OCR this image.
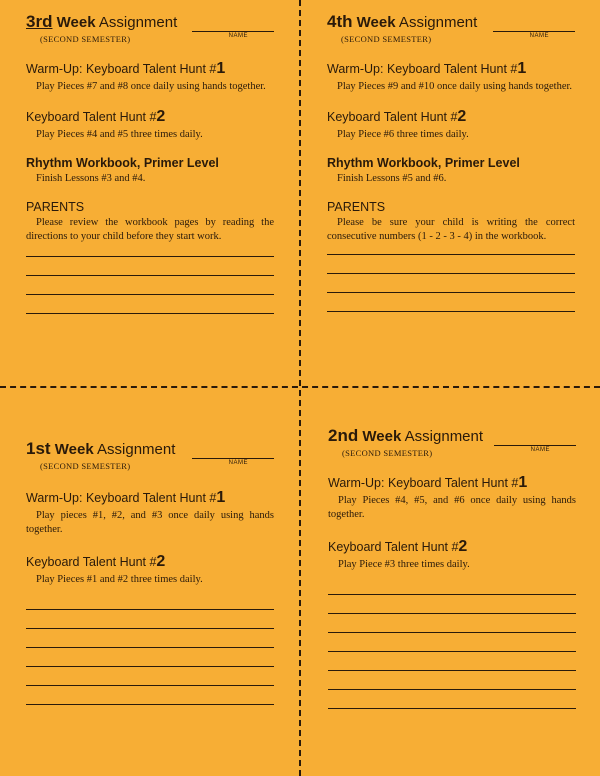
3rd Week Assignment

(SECOND SEMESTER)	NAME

Warm-Up: Keyboard Talent Hunt #1

Play Pieces #7 and #8 once daily using hands together.

Keyboard Talent Hunt #2

Play Pieces #4 and #5 three times daily.

Rhythm Workbook, Primer Level

Finish Lessons #3 and #4.

PARENTS

Please review the workbook pages by reading the directions to your child before they start work.

4th Week Assignment

(SECOND SEMESTER)	NAME

Warm-Up: Keyboard Talent Hunt #1

Play Pieces #9 and #10 once daily using hands together.

Keyboard Talent Hunt #2

Play Piece #6 three times daily.

Rhythm Workbook, Primer Level

Finish Lessons #5 and #6.

PARENTS

Please be sure your child is writing the correct consecutive numbers (1 - 2 - 3 - 4) in the workbook.

1st Week Assignment

(SECOND SEMESTER)	NAME

Warm-Up: Keyboard Talent Hunt #1

Play pieces #1, #2, and #3 once daily using hands together.

Keyboard Talent Hunt #2

Play Pieces #1 and #2 three times daily.

2nd Week Assignment

(SECOND SEMESTER)	NAME

Warm-Up: Keyboard Talent Hunt #1

Play Pieces #4, #5, and #6 once daily using hands together.

Keyboard Talent Hunt #2

Play Piece #3 three times daily.
